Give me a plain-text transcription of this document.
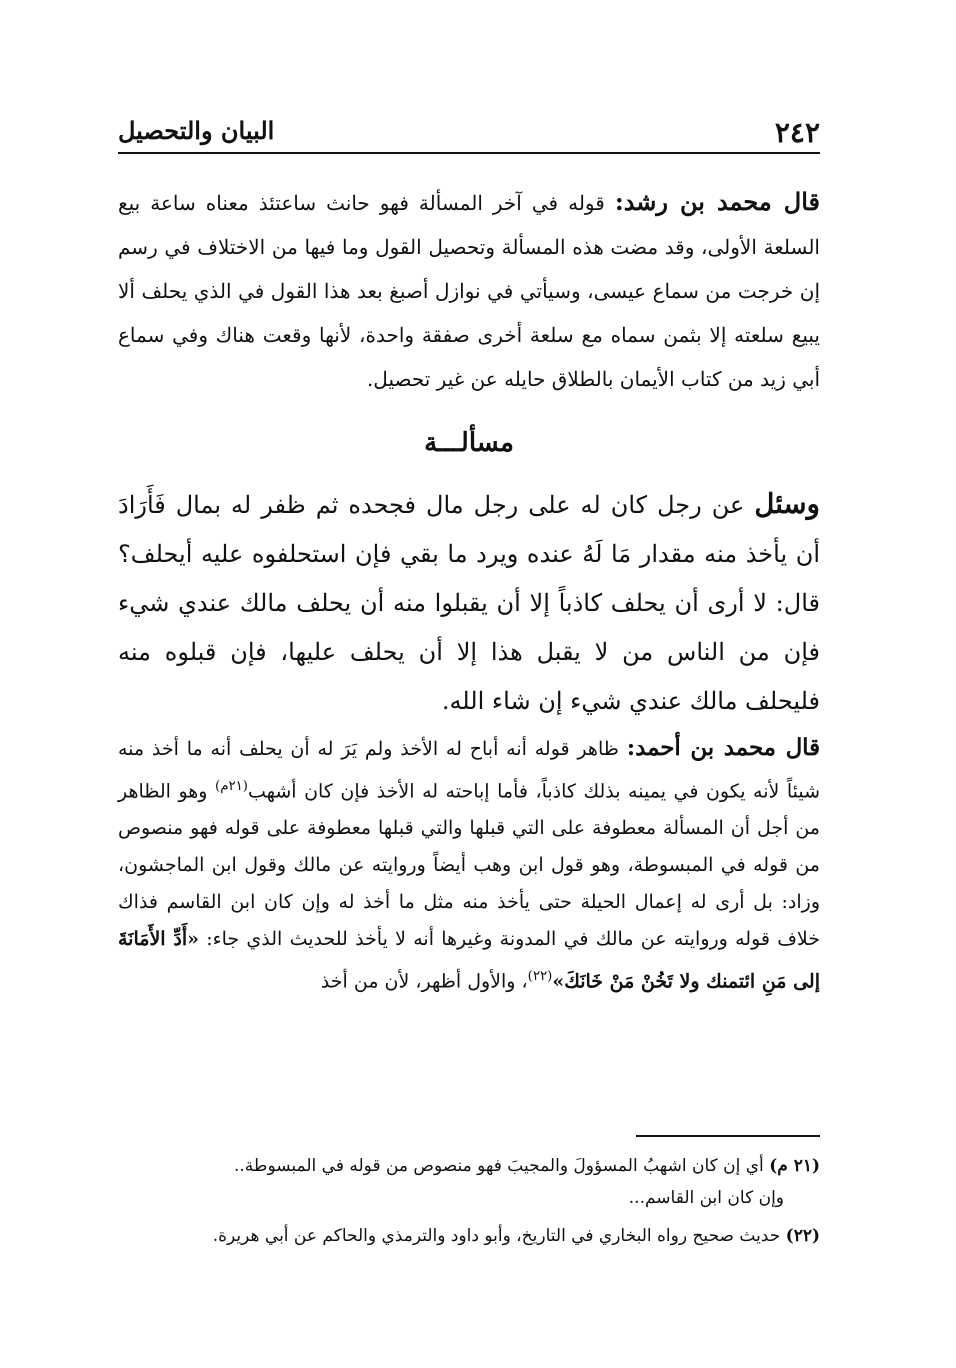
٢٤٢
البيان والتحصيل

قال محمد بن رشد: قوله في آخر المسألة فهو حانث ساعتئذ معناه ساعة بيع السلعة الأولى، وقد مضت هذه المسألة وتحصيل القول وما فيها من الاختلاف في رسم إن خرجت من سماع عيسى، وسيأتي في نوازل أصبغ بعد هذا القول في الذي يحلف ألا يبيع سلعته إلا بثمن سماه مع سلعة أخرى صفقة واحدة، لأنها وقعت هناك وفي سماع أبي زيد من كتاب الأيمان بالطلاق حايله عن غير تحصيل.

مسألـــة

وسئل عن رجل كان له على رجل مال فجحده ثم ظفر له بمال فَأَرَادَ أن يأخذ منه مقدار مَا لَهُ عنده ويرد ما بقي فإن استحلفوه عليه أيحلف؟ قال: لا أرى أن يحلف كاذباً إلا أن يقبلوا منه أن يحلف مالك عندي شيء فإن من الناس من لا يقبل هذا إلا أن يحلف عليها، فإن قبلوه منه فليحلف مالك عندي شيء إن شاء الله.

قال محمد بن أحمد: ظاهر قوله أنه أباح له الأخذ ولم يَرَ له أن يحلف أنه ما أخذ منه شيئاً لأنه يكون في يمينه بذلك كاذباً، فأما إباحته له الأخذ فإن كان أشهب$^{(٢١م)}$ وهو الظاهر من أجل أن المسألة معطوفة على التي قبلها والتي قبلها معطوفة على قوله فهو منصوص من قوله في المبسوطة، وهو قول ابن وهب أيضاً وروايته عن مالك وقول ابن الماجشون، وزاد: بل أرى له إعمال الحيلة حتى يأخذ منه مثل ما أخذ له وإن كان ابن القاسم فذاك خلاف قوله وروايته عن مالك في المدونة وغيرها أنه لا يأخذ للحديث الذي جاء: «أَدِّ الأَمَانَةَ إلى مَنِ ائتمنك ولا تَخُنْ مَنْ خَانَكَ»$^{(٢٢)}$، والأول أظهر، لأن من أخذ

(٢١ م) أي إن كان اشهبُ المسؤولَ والمجيبَ فهو منصوص من قوله في المبسوطة..
وإن كان ابن القاسم...

(٢٢) حديث صحيح رواه البخاري في التاريخ، وأبو داود والترمذي والحاكم عن أبي هريرة.
